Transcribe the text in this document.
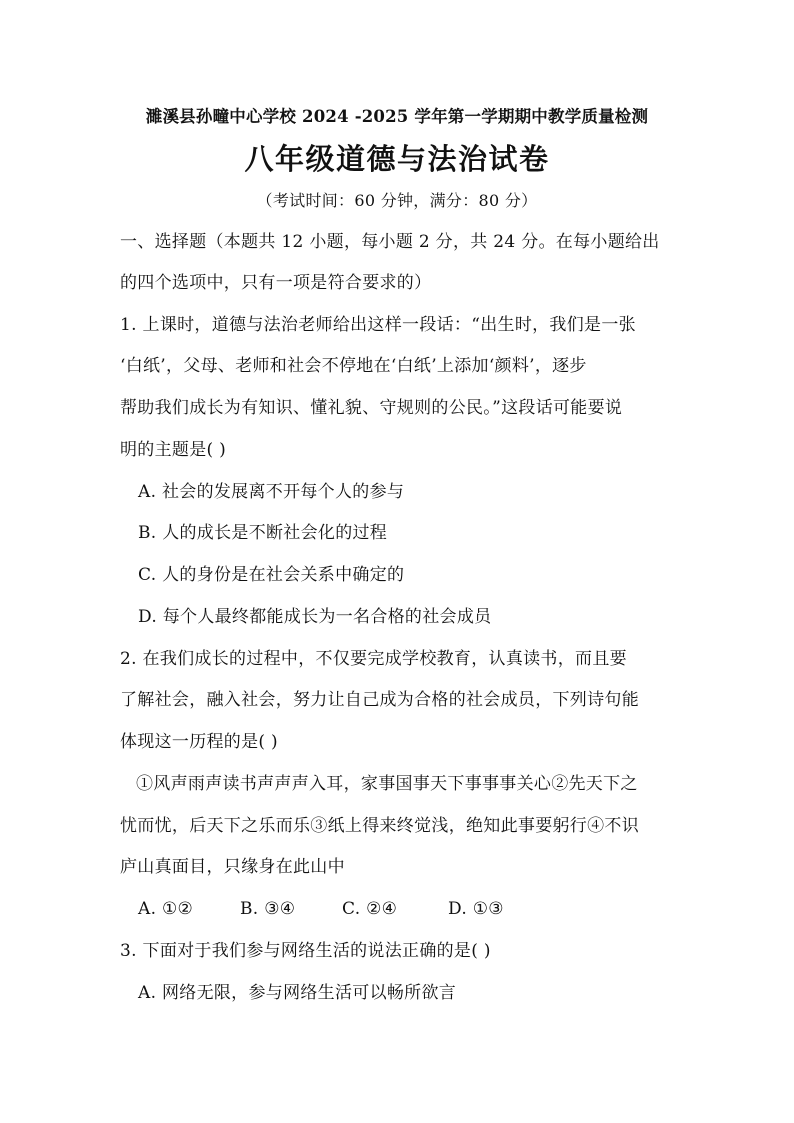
濉溪县孙疃中心学校 2024 -2025 学年第一学期期中教学质量检测
八年级道德与法治试卷
（考试时间：60 分钟，满分：80 分）
一、选择题（本题共 12 小题，每小题 2 分，共 24 分。在每小题给出
的四个选项中，只有一项是符合要求的）
1. 上课时，道德与法治老师给出这样一段话：“出生时，我们是一张
‘白纸’，父母、老师和社会不停地在‘白纸’上添加‘颜料’，逐步
帮助我们成长为有知识、懂礼貌、守规则的公民。”这段话可能要说
明的主题是( )
A. 社会的发展离不开每个人的参与
B. 人的成长是不断社会化的过程
C. 人的身份是在社会关系中确定的
D. 每个人最终都能成长为一名合格的社会成员
2. 在我们成长的过程中，不仅要完成学校教育，认真读书，而且要
了解社会，融入社会，努力让自己成为合格的社会成员，下列诗句能
体现这一历程的是( )
①风声雨声读书声声声入耳，家事国事天下事事事关心②先天下之
忧而忧，后天下之乐而乐③纸上得来终觉浅，绝知此事要躬行④不识
庐山真面目，只缘身在此山中
A. ①②	B. ③④	C. ②④	D. ①③
3. 下面对于我们参与网络生活的说法正确的是( )
A. 网络无限，参与网络生活可以畅所欲言
